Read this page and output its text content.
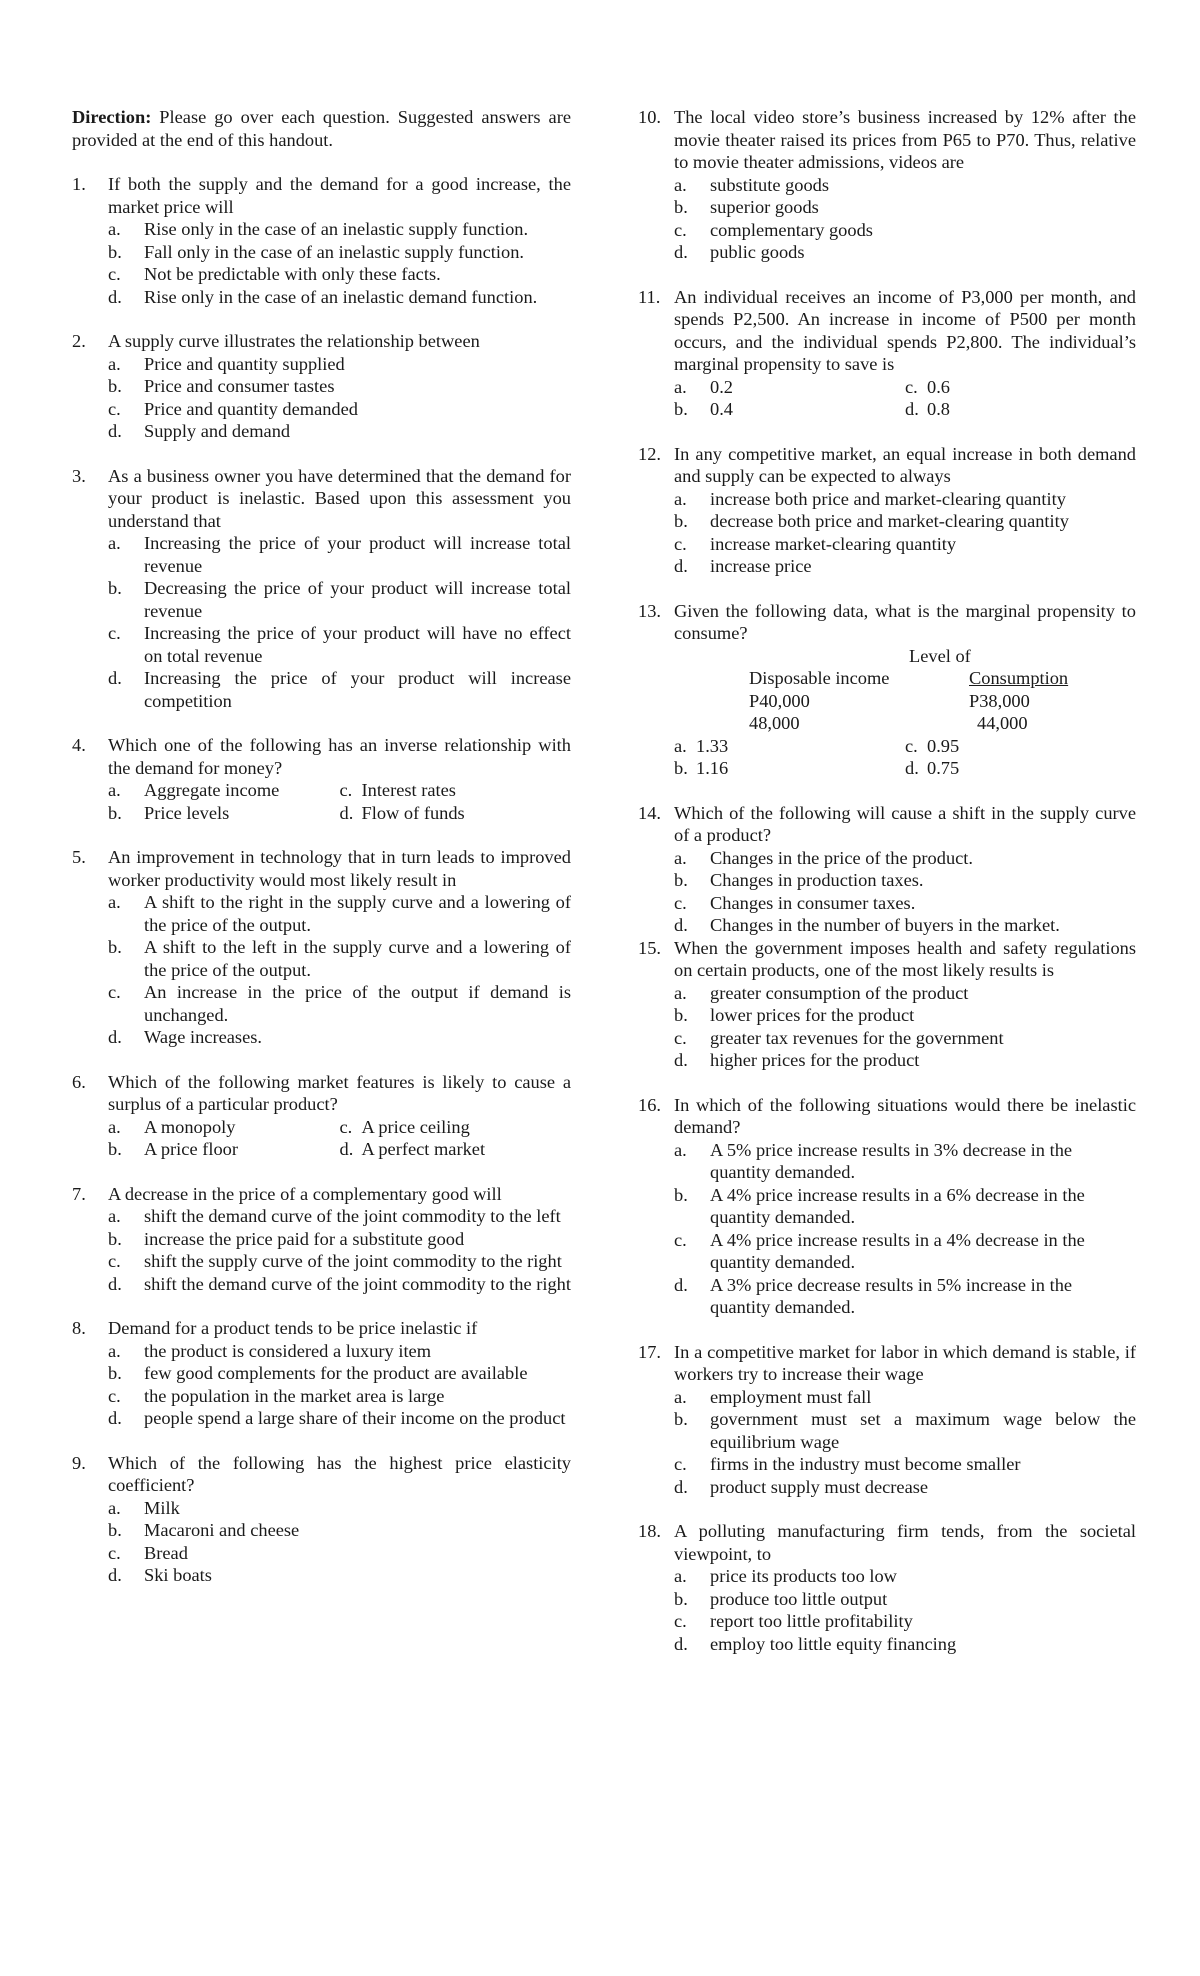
Direction: Please go over each question. Suggested answers are provided at the end of this handout.
1.	If both the supply and the demand for a good increase, the market price will
a.	Rise only in the case of an inelastic supply function.
b.	Fall only in the case of an inelastic supply function.
c.	Not be predictable with only these facts.
d.	Rise only in the case of an inelastic demand function.
2.	A supply curve illustrates the relationship between
a.	Price and quantity supplied
b.	Price and consumer tastes
c.	Price and quantity demanded
d.	Supply and demand
3.	As a business owner you have determined that the demand for your product is inelastic. Based upon this assessment you understand that
a.	Increasing the price of your product will increase total revenue
b.	Decreasing the price of your product will increase total revenue
c.	Increasing the price of your product will have no effect on total revenue
d.	Increasing the price of your product will increase competition
4.	Which one of the following has an inverse relationship with the demand for money?
a.	Aggregate income	c. Interest rates
b.	Price levels	d. Flow of funds
5.	An improvement in technology that in turn leads to improved worker productivity would most likely result in
a.	A shift to the right in the supply curve and a lowering of the price of the output.
b.	A shift to the left in the supply curve and a lowering of the price of the output.
c.	An increase in the price of the output if demand is unchanged.
d.	Wage increases.
6.	Which of the following market features is likely to cause a surplus of a particular product?
a.	A monopoly	c. A price ceiling
b.	A price floor	d. A perfect market
7.	A decrease in the price of a complementary good will
a.	shift the demand curve of the joint commodity to the left
b.	increase the price paid for a substitute good
c.	shift the supply curve of the joint commodity to the right
d.	shift the demand curve of the joint commodity to the right
8.	Demand for a product tends to be price inelastic if
a.	the product is considered a luxury item
b.	few good complements for the product are available
c.	the population in the market area is large
d.	people spend a large share of their income on the product
9.	Which of the following has the highest price elasticity coefficient?
a.	Milk
b.	Macaroni and cheese
c.	Bread
d.	Ski boats
10. The local video store’s business increased by 12% after the movie theater raised its prices from P65 to P70. Thus, relative to movie theater admissions, videos are
a.	substitute goods
b.	superior goods
c.	complementary goods
d.	public goods
11. An individual receives an income of P3,000 per month, and spends P2,500. An increase in income of P500 per month occurs, and the individual spends P2,800. The individual’s marginal propensity to save is
a.	0.2	c. 0.6
b.	0.4	d. 0.8
12. In any competitive market, an equal increase in both demand and supply can be expected to always
a.	increase both price and market-clearing quantity
b.	decrease both price and market-clearing quantity
c.	increase market-clearing quantity
d.	increase price
13. Given the following data, what is the marginal propensity to consume?
Level of
Disposable income	Consumption
P40,000	P38,000
48,000	44,000
a. 1.33	c. 0.95
b. 1.16	d. 0.75
14. Which of the following will cause a shift in the supply curve of a product?
a.	Changes in the price of the product.
b.	Changes in production taxes.
c.	Changes in consumer taxes.
d.	Changes in the number of buyers in the market.
15. When the government imposes health and safety regulations on certain products, one of the most likely results is
a.	greater consumption of the product
b.	lower prices for the product
c.	greater tax revenues for the government
d.	higher prices for the product
16. In which of the following situations would there be inelastic demand?
a.	A 5% price increase results in 3% decrease in the quantity demanded.
b.	A 4% price increase results in a 6% decrease in the quantity demanded.
c.	A 4% price increase results in a 4% decrease in the quantity demanded.
d.	A 3% price decrease results in 5% increase in the quantity demanded.
17. In a competitive market for labor in which demand is stable, if workers try to increase their wage
a.	employment must fall
b.	government must set a maximum wage below the equilibrium wage
c.	firms in the industry must become smaller
d.	product supply must decrease
18. A polluting manufacturing firm tends, from the societal viewpoint, to
a.	price its products too low
b.	produce too little output
c.	report too little profitability
d.	employ too little equity financing
